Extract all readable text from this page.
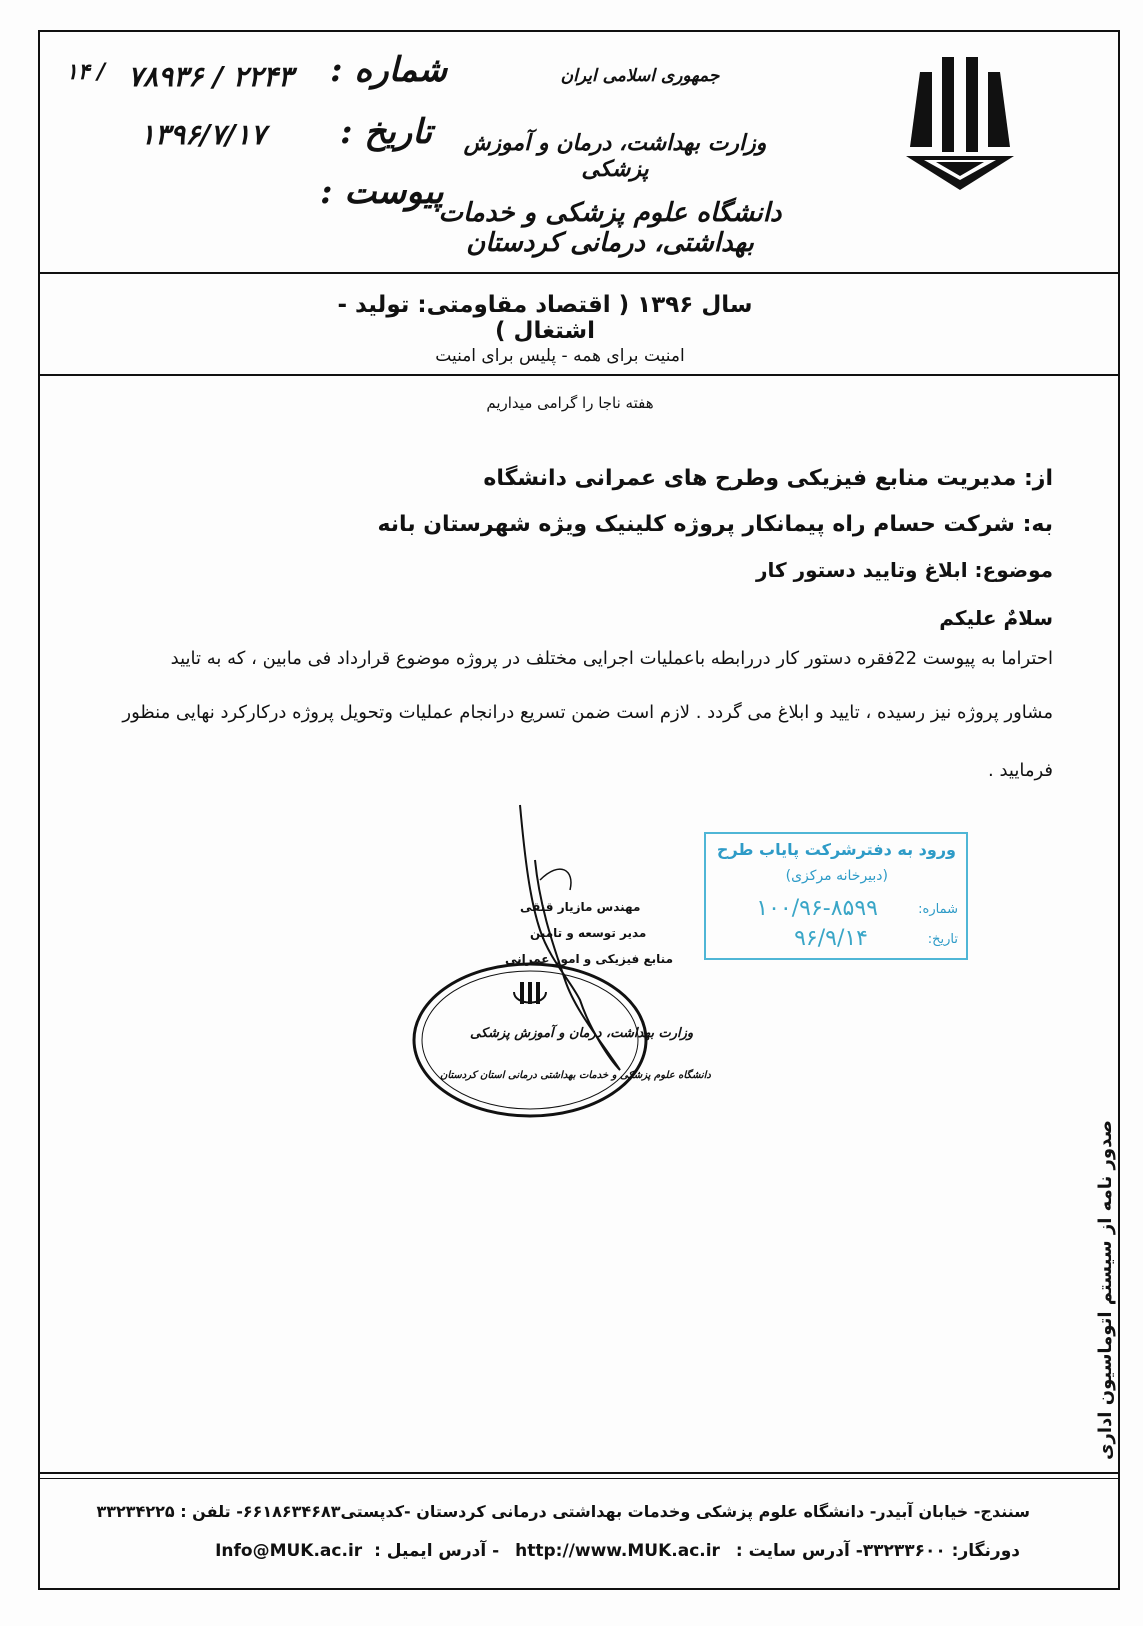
جمهوری اسلامی ایران
وزارت بهداشت، درمان و آموزش پزشکی
دانشگاه علوم پزشکی و خدمات بهداشتی، درمانی کردستان
شماره :
تاریخ :
پیوست :
۷۸۹۳۶ / ۲۲۴۳
۱۴ /
۱۳۹۶/۷/۱۷
سال ۱۳۹۶ ( اقتصاد مقاومتی: تولید - اشتغال )
امنیت برای همه - پلیس برای امنیت
هفته ناجا را گرامی میداریم
از: مدیریت منابع فیزیکی وطرح های عمرانی دانشگاه
به: شرکت حسام راه پیمانکار پروژه کلینیک ویژه شهرستان بانه
موضوع: ابلاغ وتایید دستور کار
سلامٌ علیکم
احتراما به پیوست 22فقره دستور کار دررابطه باعملیات اجرایی مختلف در پروژه موضوع قرارداد فی مابین ، که به تایید
مشاور پروژه نیز رسیده ، تایید و ابلاغ می گردد . لازم است ضمن تسریع درانجام عملیات وتحویل پروژه درکارکرد نهایی منظور
فرمایید .
ورود به دفترشرکت پایاب طرح
(دبیرخانه مرکزی)
شماره:
۱۰۰/۹۶-۸۵۹۹
تاریخ:
۹۶/۹/۱۴
مهندس مازیار قنقی
مدیر توسعه و تامین
منابع فیزیکی و امور عمرانی
وزارت بهداشت، درمان و آموزش پزشکی
دانشگاه علوم پزشکی و خدمات بهداشتی درمانی استان کردستان
صدور نامه از سیستم اتوماسیون اداری
سنندج- خیابان آبیدر- دانشگاه علوم پزشکی وخدمات بهداشتی درمانی کردستان -کدپستی۶۶۱۸۶۳۴۶۸۳- تلفن : ۳۳۲۳۴۲۲۵
دورنگار: ۳۳۲۳۳۶۰۰- آدرس سایت : http://www.MUK.ac.ir - آدرس ایمیل : Info@MUK.ac.ir
